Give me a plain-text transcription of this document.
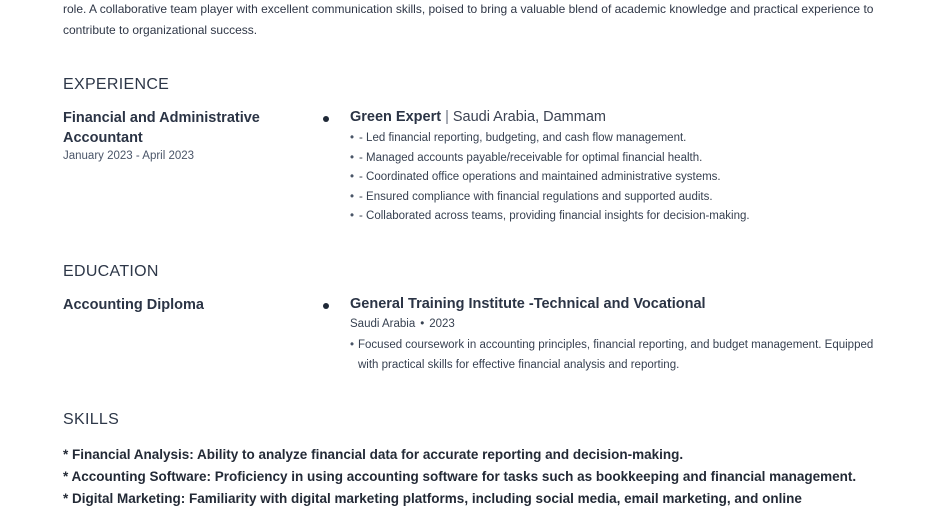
role. A collaborative team player with excellent communication skills, poised to bring a valuable blend of academic knowledge and practical experience to
contribute to organizational success.
EXPERIENCE
Financial and Administrative Accountant
January 2023 - April 2023
Green Expert | Saudi Arabia, Dammam
• - Led financial reporting, budgeting, and cash flow management.
• - Managed accounts payable/receivable for optimal financial health.
• - Coordinated office operations and maintained administrative systems.
• - Ensured compliance with financial regulations and supported audits.
• - Collaborated across teams, providing financial insights for decision-making.
EDUCATION
Accounting Diploma	General Training Institute -Technical and Vocational
Saudi Arabia • 2023
• Focused coursework in accounting principles, financial reporting, and budget management. Equipped
with practical skills for effective financial analysis and reporting.
SKILLS
* Financial Analysis: Ability to analyze financial data for accurate reporting and decision-making.
* Accounting Software: Proficiency in using accounting software for tasks such as bookkeeping and financial management.
* Digital Marketing: Familiarity with digital marketing platforms, including social media, email marketing, and online
